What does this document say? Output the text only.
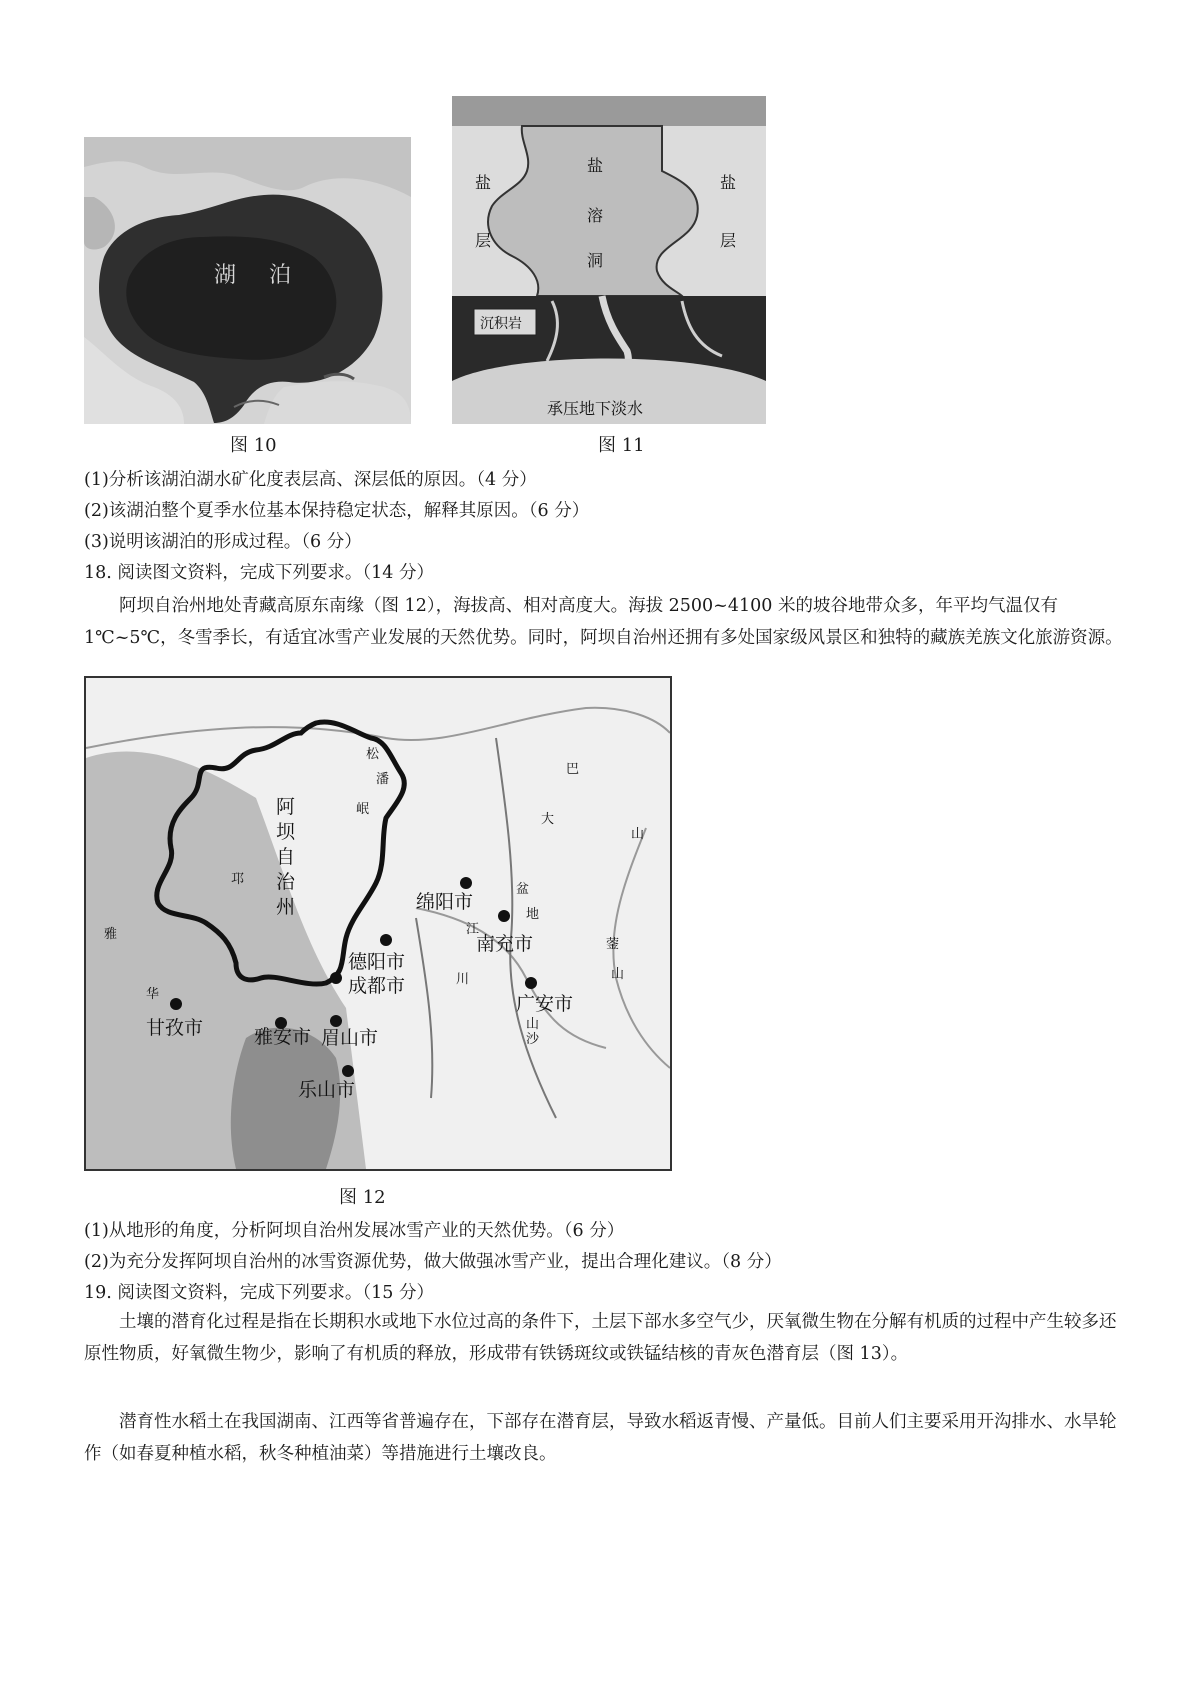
湖 泊
图 10
盐
层
盐
溶
洞
盐
层
沉积岩
承压地下淡水
图 11
(1)分析该湖泊湖水矿化度表层高、深层低的原因。（4 分）
(2)该湖泊整个夏季水位基本保持稳定状态，解释其原因。（6 分）
(3)说明该湖泊的形成过程。（6 分）
18. 阅读图文资料，完成下列要求。（14 分）
阿坝自治州地处青藏高原东南缘（图 12），海拔高、相对高度大。海拔 2500~4100 米的坡谷地带众多，年平均气温仅有 1℃~5℃，冬雪季长，有适宜冰雪产业发展的天然优势。同时，阿坝自治州还拥有多处国家级风景区和独特的藏族羌族文化旅游资源。
绵阳市
南充市
德阳市
成都市
广安市
甘孜市	雅安市 眉山市
乐山市
阿
坝
自
治
州
松
潘
岷
邛
大
巴
山
盆
地
江
川
山
沙
雅
华
蓥
山
图 12
(1)从地形的角度，分析阿坝自治州发展冰雪产业的天然优势。（6 分）
(2)为充分发挥阿坝自治州的冰雪资源优势，做大做强冰雪产业，提出合理化建议。（8 分）
19. 阅读图文资料，完成下列要求。（15 分）
土壤的潜育化过程是指在长期积水或地下水位过高的条件下，土层下部水多空气少，厌氧微生物在分解有机质的过程中产生较多还原性物质，好氧微生物少，影响了有机质的释放，形成带有铁锈斑纹或铁锰结核的青灰色潜育层（图 13）。
潜育性水稻土在我国湖南、江西等省普遍存在，下部存在潜育层，导致水稻返青慢、产量低。目前人们主要采用开沟排水、水旱轮作（如春夏种植水稻，秋冬种植油菜）等措施进行土壤改良。
